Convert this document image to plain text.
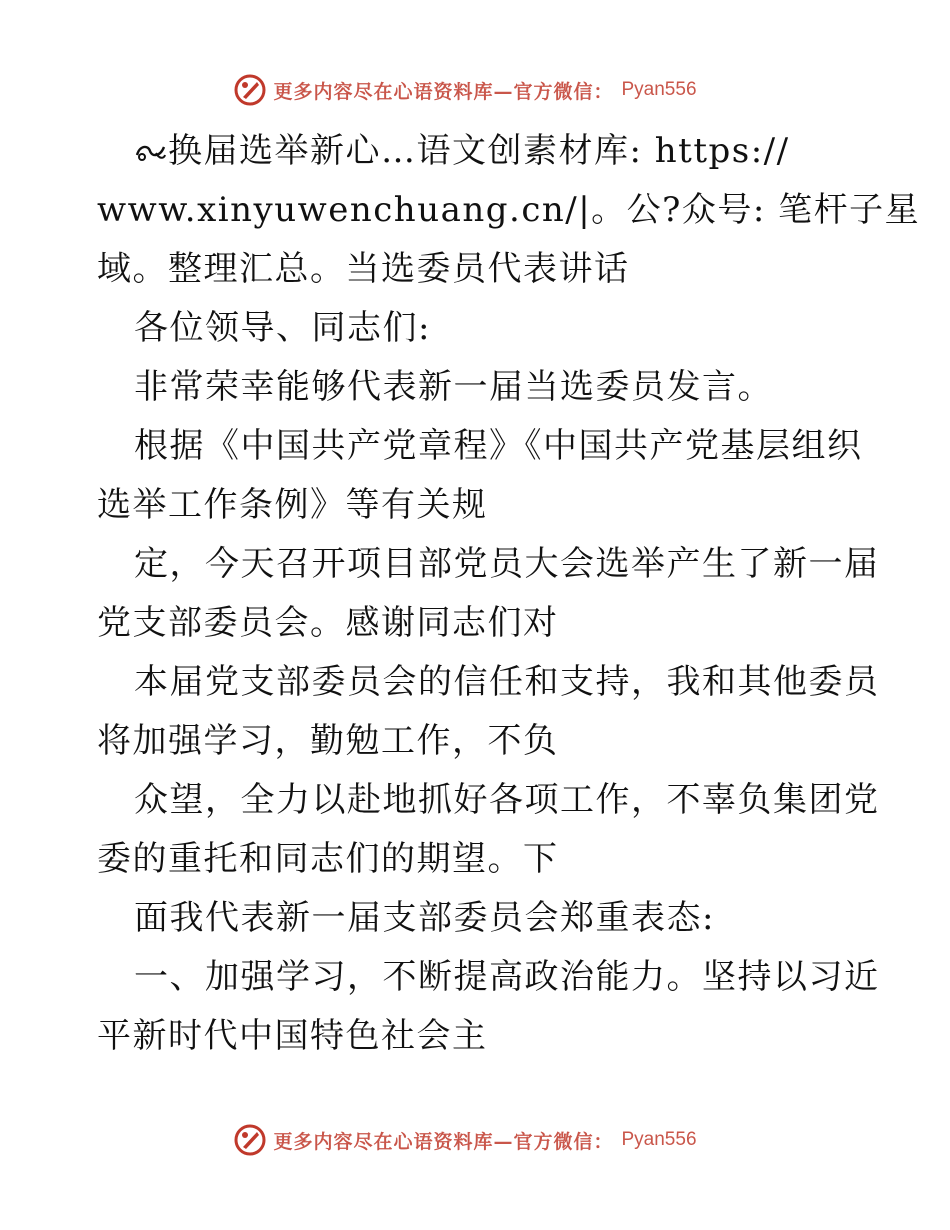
更多内容尽在心语资料库—官方微信： Pyan556
换届选举新心…语文创素材库: https://
www.xinyuwenchuang.cn/|。公?众号: 笔杆子星
域。整理汇总。当选委员代表讲话
各位领导、同志们:
非常荣幸能够代表新一届当选委员发言。
根据《中国共产党章程》《中国共产党基层组织
选举工作条例》等有关规
定，今天召开项目部党员大会选举产生了新一届
党支部委员会。感谢同志们对
本届党支部委员会的信任和支持，我和其他委员
将加强学习，勤勉工作，不负
众望，全力以赴地抓好各项工作，不辜负集团党
委的重托和同志们的期望。下
面我代表新一届支部委员会郑重表态:
一、加强学习，不断提高政治能力。坚持以习近
平新时代中国特色社会主
更多内容尽在心语资料库—官方微信： Pyan556
